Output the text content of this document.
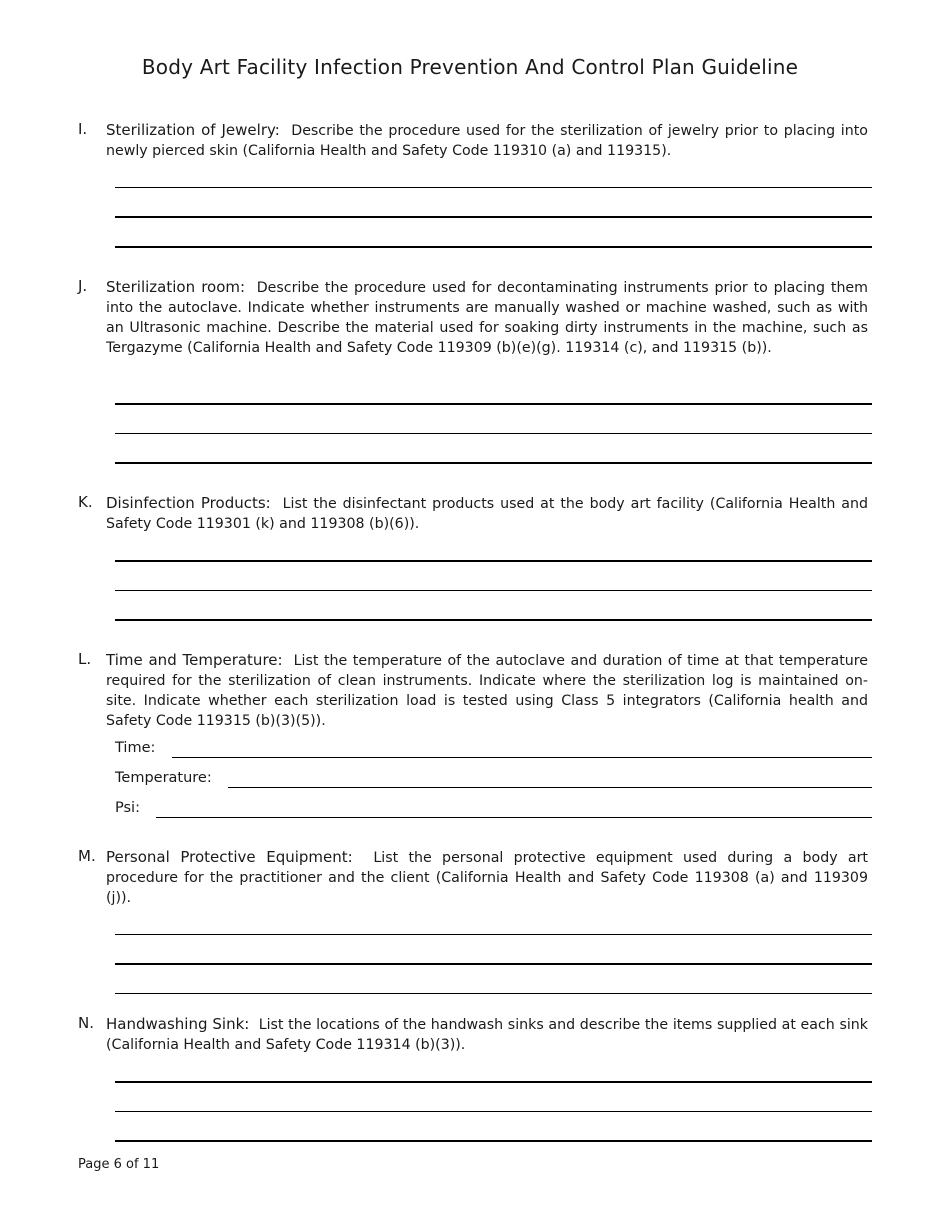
Body Art Facility Infection Prevention And Control Plan Guideline
I. Sterilization of Jewelry: Describe the procedure used for the sterilization of jewelry prior to placing into newly pierced skin (California Health and Safety Code 119310 (a) and 119315).
J. Sterilization room: Describe the procedure used for decontaminating instruments prior to placing them into the autoclave. Indicate whether instruments are manually washed or machine washed, such as with an Ultrasonic machine. Describe the material used for soaking dirty instruments in the machine, such as Tergazyme (California Health and Safety Code 119309 (b)(e)(g). 119314 (c), and 119315 (b)).
K. Disinfection Products: List the disinfectant products used at the body art facility (California Health and Safety Code 119301 (k) and 119308 (b)(6)).
L. Time and Temperature: List the temperature of the autoclave and duration of time at that temperature required for the sterilization of clean instruments. Indicate where the sterilization log is maintained on-site. Indicate whether each sterilization load is tested using Class 5 integrators (California health and Safety Code 119315 (b)(3)(5)).
Time:
Temperature:
Psi:
M. Personal Protective Equipment: List the personal protective equipment used during a body art procedure for the practitioner and the client (California Health and Safety Code 119308 (a) and 119309 (j)).
N. Handwashing Sink: List the locations of the handwash sinks and describe the items supplied at each sink (California Health and Safety Code 119314 (b)(3)).
Page 6 of 11
